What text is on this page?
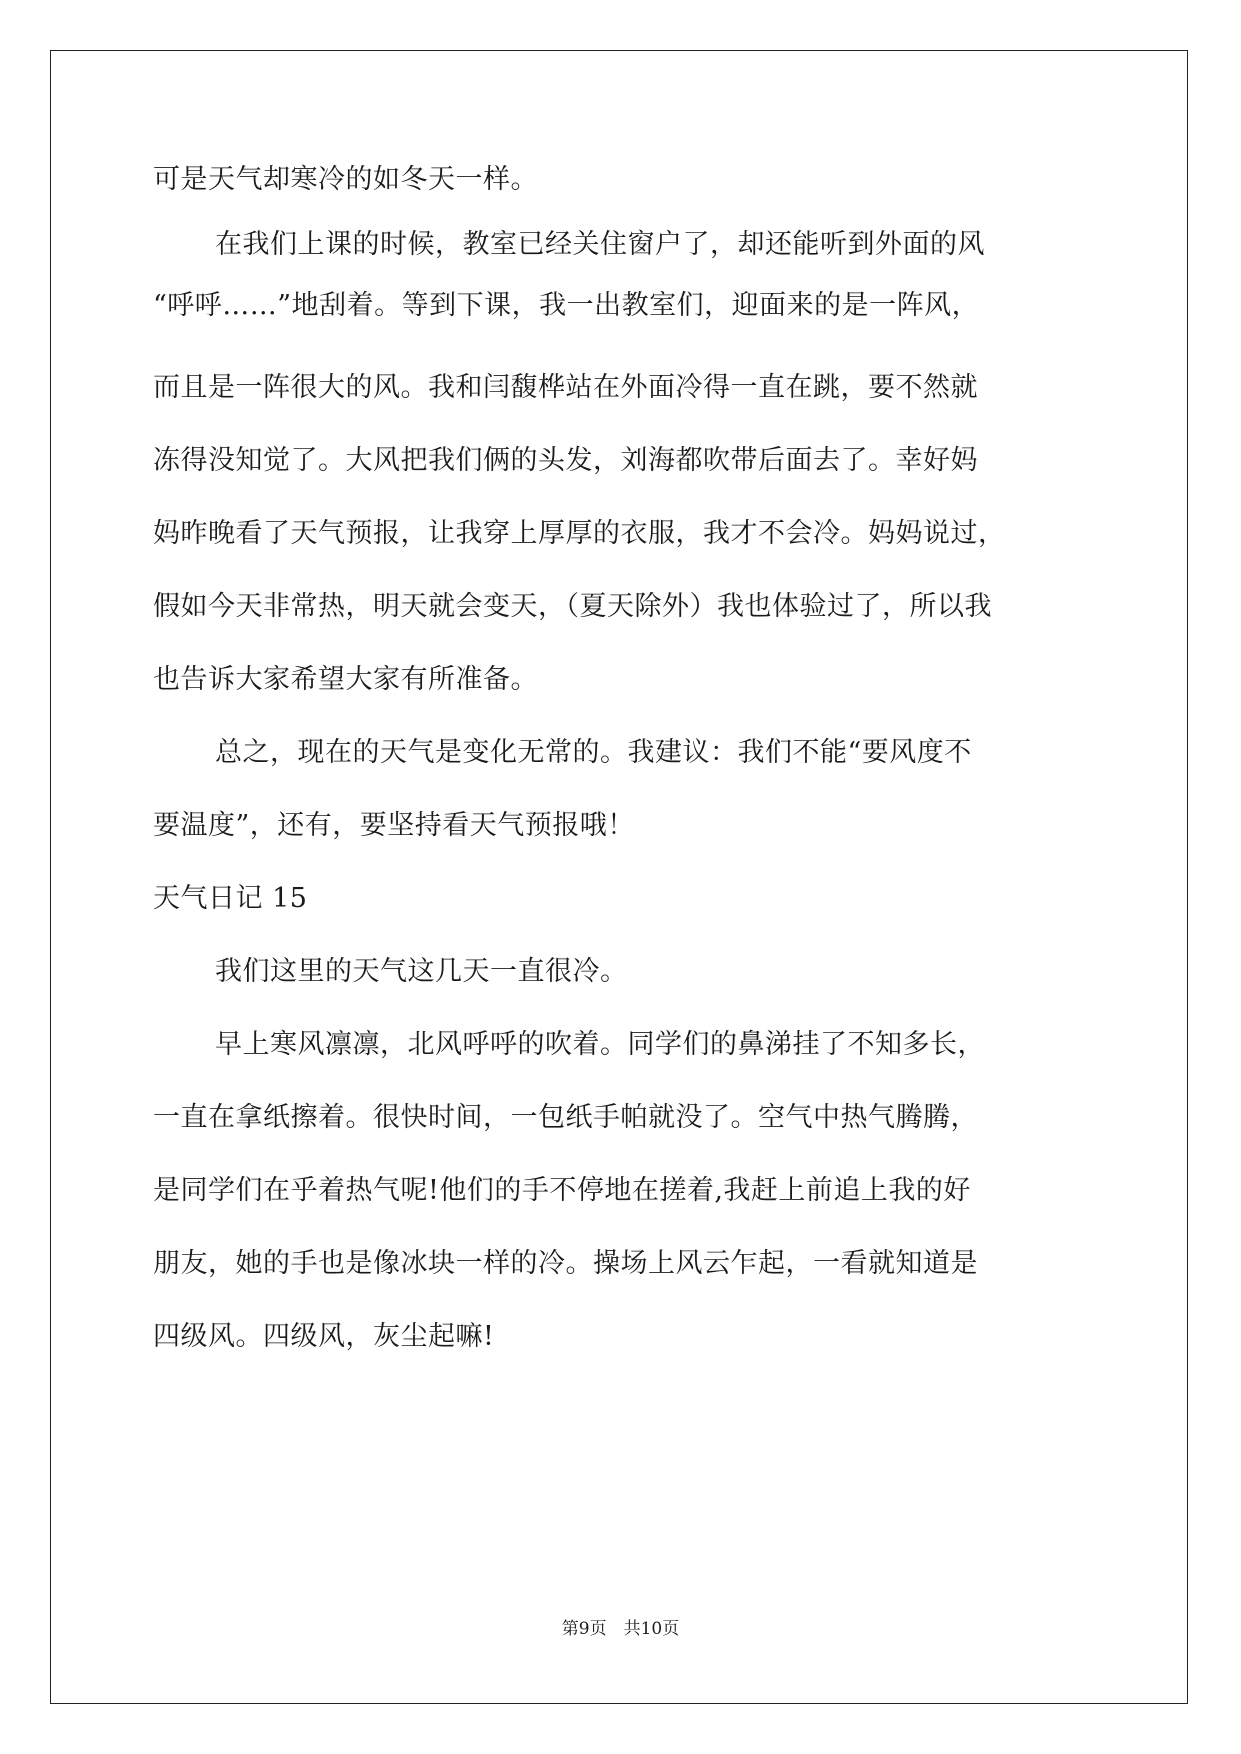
可是天气却寒冷的如冬天一样。
在我们上课的时候，教室已经关住窗户了，却还能听到外面的风
“呼呼……”地刮着。等到下课，我一出教室们，迎面来的是一阵风，
而且是一阵很大的风。我和闫馥桦站在外面冷得一直在跳，要不然就
冻得没知觉了。大风把我们俩的头发，刘海都吹带后面去了。幸好妈
妈昨晚看了天气预报，让我穿上厚厚的衣服，我才不会冷。妈妈说过，
假如今天非常热，明天就会变天，（夏天除外）我也体验过了，所以我
也告诉大家希望大家有所准备。
总之，现在的天气是变化无常的。我建议：我们不能“要风度不
要温度”，还有，要坚持看天气预报哦！
天气日记 15
我们这里的天气这几天一直很冷。
早上寒风凛凛，北风呼呼的吹着。同学们的鼻涕挂了不知多长，
一直在拿纸擦着。很快时间，一包纸手帕就没了。空气中热气腾腾，
是同学们在乎着热气呢!他们的手不停地在搓着,我赶上前追上我的好
朋友，她的手也是像冰块一样的冷。操场上风云乍起，一看就知道是
四级风。四级风，灰尘起嘛!
第9页　共10页
